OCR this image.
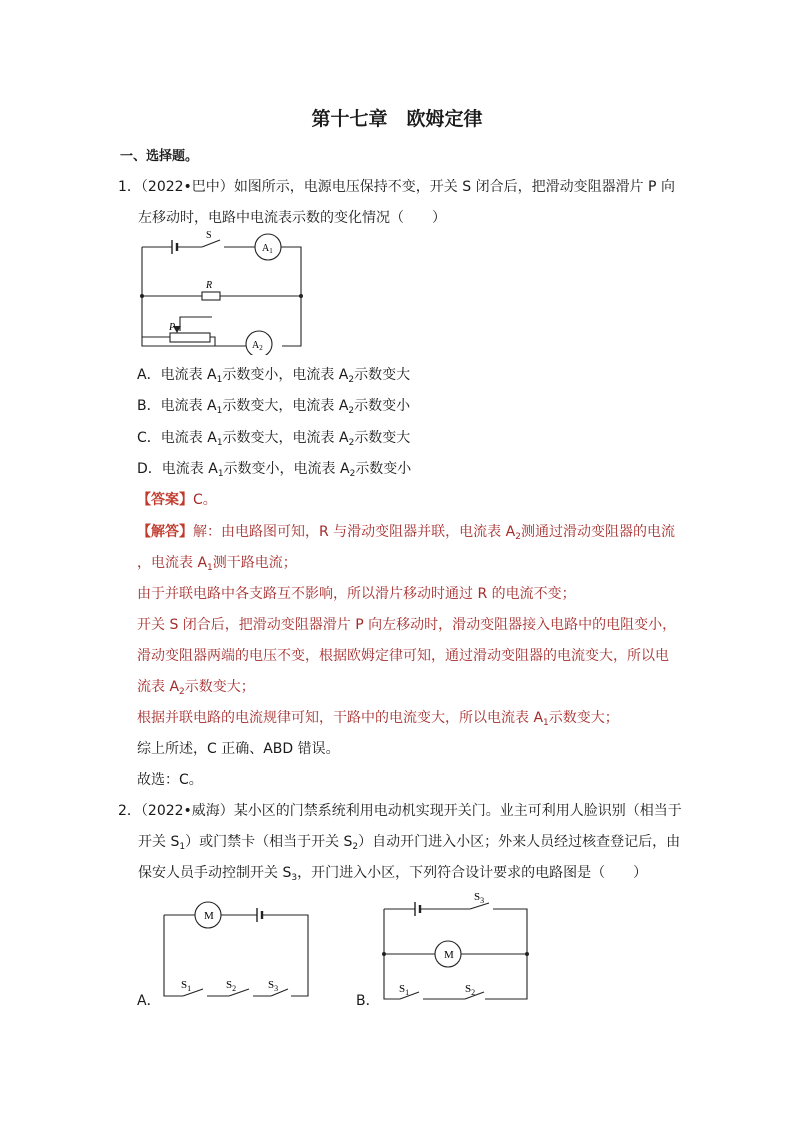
第十七章　欧姆定律
一、选择题。
1．（2022•巴中）如图所示，电源电压保持不变，开关 S 闭合后，把滑动变阻器滑片 P 向
左移动时，电路中电流表示数的变化情况（　　）
S
$A_1$
R
P
$A_2$
A．电流表 $A_1$示数变小，电流表 $A_2$示数变大
B．电流表 $A_1$示数变大，电流表 $A_2$示数变小
C．电流表 $A_1$示数变大，电流表 $A_2$示数变大
D．电流表 $A_1$示数变小，电流表 $A_2$示数变小
【答案】C。
【解答】解：由电路图可知，R 与滑动变阻器并联，电流表 $A_2$测通过滑动变阻器的电流
，电流表 $A_1$测干路电流；
由于并联电路中各支路互不影响，所以滑片移动时通过 R 的电流不变；
开关 S 闭合后，把滑动变阻器滑片 P 向左移动时，滑动变阻器接入电路中的电阻变小，
滑动变阻器两端的电压不变，根据欧姆定律可知，通过滑动变阻器的电流变大，所以电
流表 $A_2$示数变大；
根据并联电路的电流规律可知，干路中的电流变大，所以电流表 $A_1$示数变大；
综上所述，C 正确、ABD 错误。
故选：C。
2．（2022•威海）某小区的门禁系统利用电动机实现开关门。业主可利用人脸识别（相当于
开关 $S_1$）或门禁卡（相当于开关 $S_2$）自动开门进入小区；外来人员经过核查登记后，由
保安人员手动控制开关 $S_3$，开门进入小区，下列符合设计要求的电路图是（　　）
A．
M
$S_1$	$S_2$	$S_3$
B．
$S_3$
M
$S_1$	$S_2$
